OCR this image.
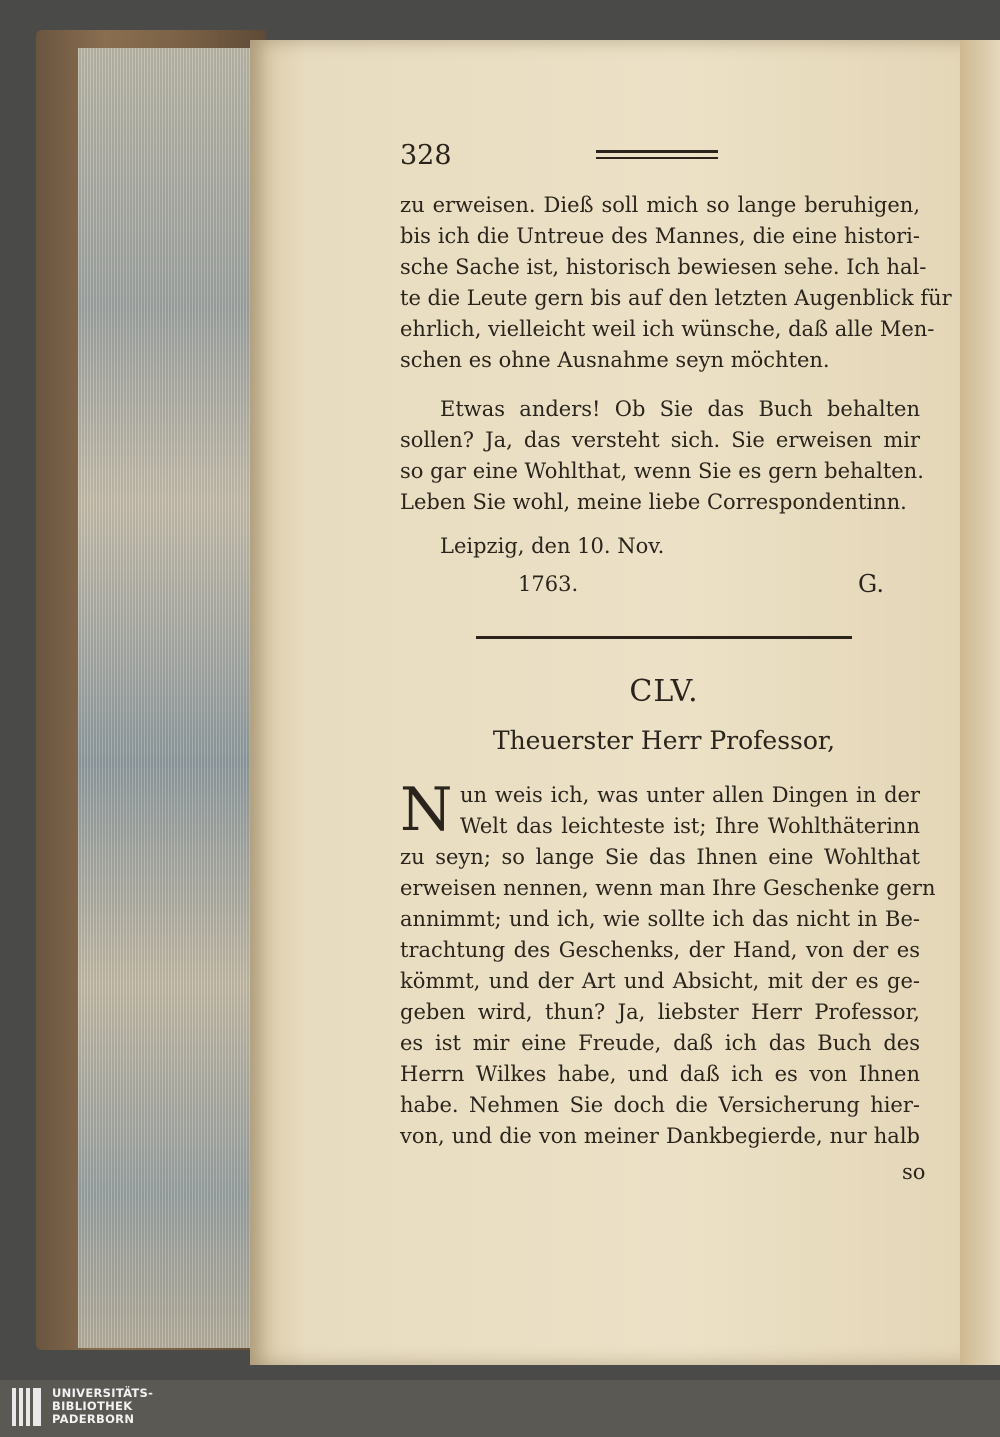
328
zu erweisen. Dieß soll mich so lange beruhigen,
bis ich die Untreue des Mannes, die eine histori-
sche Sache ist, historisch bewiesen sehe. Ich hal-
te die Leute gern bis auf den letzten Augenblick für
ehrlich, vielleicht weil ich wünsche, daß alle Men-
schen es ohne Ausnahme seyn möchten.
Etwas anders! Ob Sie das Buch behalten
sollen? Ja, das versteht sich. Sie erweisen mir
so gar eine Wohlthat, wenn Sie es gern behalten.
Leben Sie wohl, meine liebe Correspondentinn.
Leipzig, den 10. Nov.
1763.	G.
CLV.
Theuerster Herr Professor,
N un weis ich, was unter allen Dingen in der
Welt das leichteste ist; Ihre Wohlthäterinn
zu seyn; so lange Sie das Ihnen eine Wohlthat
erweisen nennen, wenn man Ihre Geschenke gern
annimmt; und ich, wie sollte ich das nicht in Be-
trachtung des Geschenks, der Hand, von der es
kömmt, und der Art und Absicht, mit der es ge-
geben wird, thun? Ja, liebster Herr Professor,
es ist mir eine Freude, daß ich das Buch des
Herrn Wilkes habe, und daß ich es von Ihnen
habe. Nehmen Sie doch die Versicherung hier-
von, und die von meiner Dankbegierde, nur halb
so
UNIVERSITÄTS-
BIBLIOTHEK
PADERBORN
